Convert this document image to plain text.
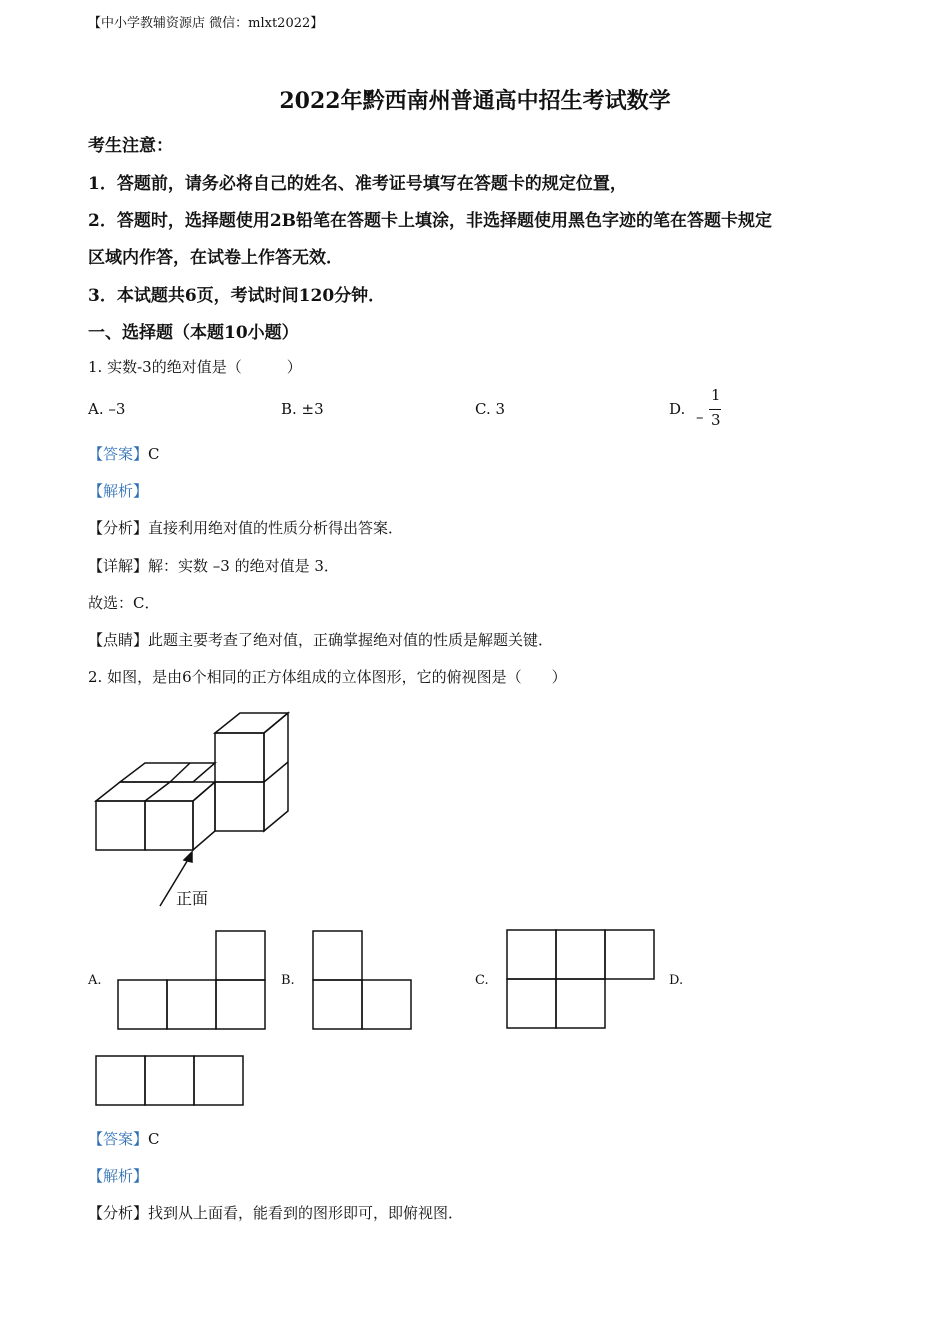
【中小学教辅资源店 微信：mlxt2022】
2022年黔西南州普通高中招生考试数学
考生注意：
1．答题前，请务必将自己的姓名、准考证号填写在答题卡的规定位置，
2．答题时，选择题使用2B铅笔在答题卡上填涂，非选择题使用黑色字迹的笔在答题卡规定
区域内作答，在试卷上作答无效．
3．本试题共6页，考试时间120分钟．
一、选择题（本题10小题）
1. 实数-3的绝对值是（　　　）
A. –3	B. ±3	C. 3	D. –
1
3
【答案】C
【解析】
【分析】直接利用绝对值的性质分析得出答案．
【详解】解：实数 –3 的绝对值是 3．
故选：C．
【点睛】此题主要考查了绝对值，正确掌握绝对值的性质是解题关键．
2. 如图，是由6个相同的正方体组成的立体图形，它的俯视图是（　　）
正面
A.	B.	C.	D.
【答案】C
【解析】
【分析】找到从上面看，能看到的图形即可，即俯视图．
